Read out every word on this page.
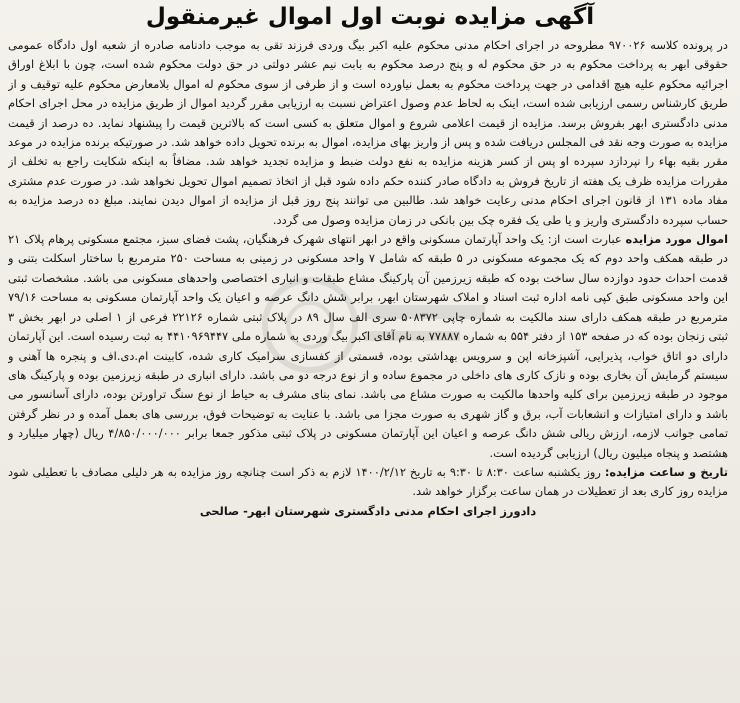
آگهی مزایده نوبت اول اموال غیرمنقول

در پرونده کلاسه ۹۷۰۰۲۶ مطروحه در اجرای احکام مدنی محکوم علیه اکبر بیگ وردی فرزند تقی به موجب دادنامه صادره از شعبه اول دادگاه عمومی حقوقی ابهر به پرداخت محکوم به در حق محکوم له و پنج درصد محکوم به بابت نیم عشر دولتی در حق دولت محکوم شده است، چون با ابلاغ اوراق اجرائیه محکوم علیه هیچ اقدامی در جهت پرداخت محکوم به بعمل نیاورده است و از طرفی از سوی محکوم له اموال بلامعارض محکوم علیه توقیف و از طریق کارشناس رسمی ارزیابی شده است، اینک به لحاظ عدم وصول اعتراض نسبت به ارزیابی مقرر گردید اموال از طریق مزایده در محل اجرای احکام مدنی دادگستری ابهر بفروش برسد. مزایده از قیمت اعلامی شروع و اموال متعلق به کسی است که بالاترین قیمت را پیشنهاد نماید. ده درصد از قیمت مزایده به صورت وجه نقد فی المجلس دریافت شده و پس از واریز بهای مزایده، اموال به برنده تحویل داده خواهد شد. در صورتیکه برنده مزایده در موعد مقرر بقیه بهاء را نپردازد سپرده او پس از کسر هزینه مزایده به نفع دولت ضبط و مزایده تجدید خواهد شد. مضافاً به اینکه شکایت راجع به تخلف از مقررات مزایده ظرف یک هفته از تاریخ فروش به دادگاه صادر کننده حکم داده شود قبل از اتخاذ تصمیم اموال تحویل نخواهد شد. در صورت عدم مشتری مفاد ماده ۱۳۱ از قانون اجرای احکام مدنی رعایت خواهد شد. طالبین می توانند پنج روز قبل از مزایده از اموال دیدن نمایند. مبلغ ده درصد مزایده به حساب سپرده دادگستری واریز و یا طی یک فقره چک بین بانکی در زمان مزایده وصول می گردد.

اموال مورد مزایده عبارت است از: یک واحد آپارتمان مسکونی واقع در ابهر انتهای شهرک فرهنگیان، پشت فضای سبز، مجتمع مسکونی پرهام پلاک ۲۱ در طبقه همکف واحد دوم که یک مجموعه مسکونی در ۵ طبقه که شامل ۷ واحد مسکونی در زمینی به مساحت ۲۵۰ مترمربع با ساختار اسکلت بتنی و قدمت احداث حدود دوازده سال ساخت بوده که طبقه زیرزمین آن پارکینگ مشاع طبقات و انباری اختصاصی واحدهای مسکونی می باشد. مشخصات ثبتی این واحد مسکونی طبق کپی نامه اداره ثبت اسناد و املاک شهرستان ابهر، برابر شش دانگ عرصه و اعیان یک واحد آپارتمان مسکونی به مساحت ۷۹/۱۶ مترمربع در طبقه همکف دارای سند مالکیت به شماره چاپی ۵۰۸۳۷۲ سری الف سال ۸۹ در پلاک ثبتی شماره ۲۲۱۲۶ فرعی از ۱ اصلی در ابهر بخش ۳ ثبتی زنجان بوده که در صفحه ۱۵۳ از دفتر ۵۵۴ به شماره ۷۷۸۸۷ به نام آقای اکبر بیگ وردی به شماره ملی ۴۴۱۰۹۶۹۴۴۷ به ثبت رسیده است. این آپارتمان دارای دو اتاق خواب، پذیرایی، آشپزخانه اپن و سرویس بهداشتی بوده، قسمتی از کفسازی سرامیک کاری شده، کابینت ام.دی.اف و پنجره ها آهنی و سیستم گرمایش آن بخاری بوده و نازک کاری های داخلی در مجموع ساده و از نوع درجه دو می باشد. دارای انباری در طبقه زیرزمین بوده و پارکینگ های موجود در طبقه زیرزمین برای کلیه واحدها مالکیت به صورت مشاع می باشد. نمای بنای مشرف به حیاط از نوع سنگ تراورتن بوده، دارای آسانسور می باشد و دارای امتیازات و انشعابات آب، برق و گاز شهری به صورت مجزا می باشد. با عنایت به توضیحات فوق، بررسی های بعمل آمده و در نظر گرفتن تمامی جوانب لازمه، ارزش ریالی شش دانگ عرصه و اعیان این آپارتمان مسکونی در پلاک ثبتی مذکور جمعا برابر ۴/۸۵۰/۰۰۰/۰۰۰ ریال (چهار میلیارد و هشتصد و پنجاه میلیون ریال) ارزیابی گردیده است.

تاریخ و ساعت مزایده: روز یکشنبه ساعت ۸:۳۰ تا ۹:۳۰ به تاریخ ۱۴۰۰/۲/۱۲ لازم به ذکر است چنانچه روز مزایده به هر دلیلی مصادف با تعطیلی شود مزایده روز کاری بعد از تعطیلات در همان ساعت برگزار خواهد شد.

دادورز اجرای احکام مدنی دادگستری شهرستان ابهر- صالحی
